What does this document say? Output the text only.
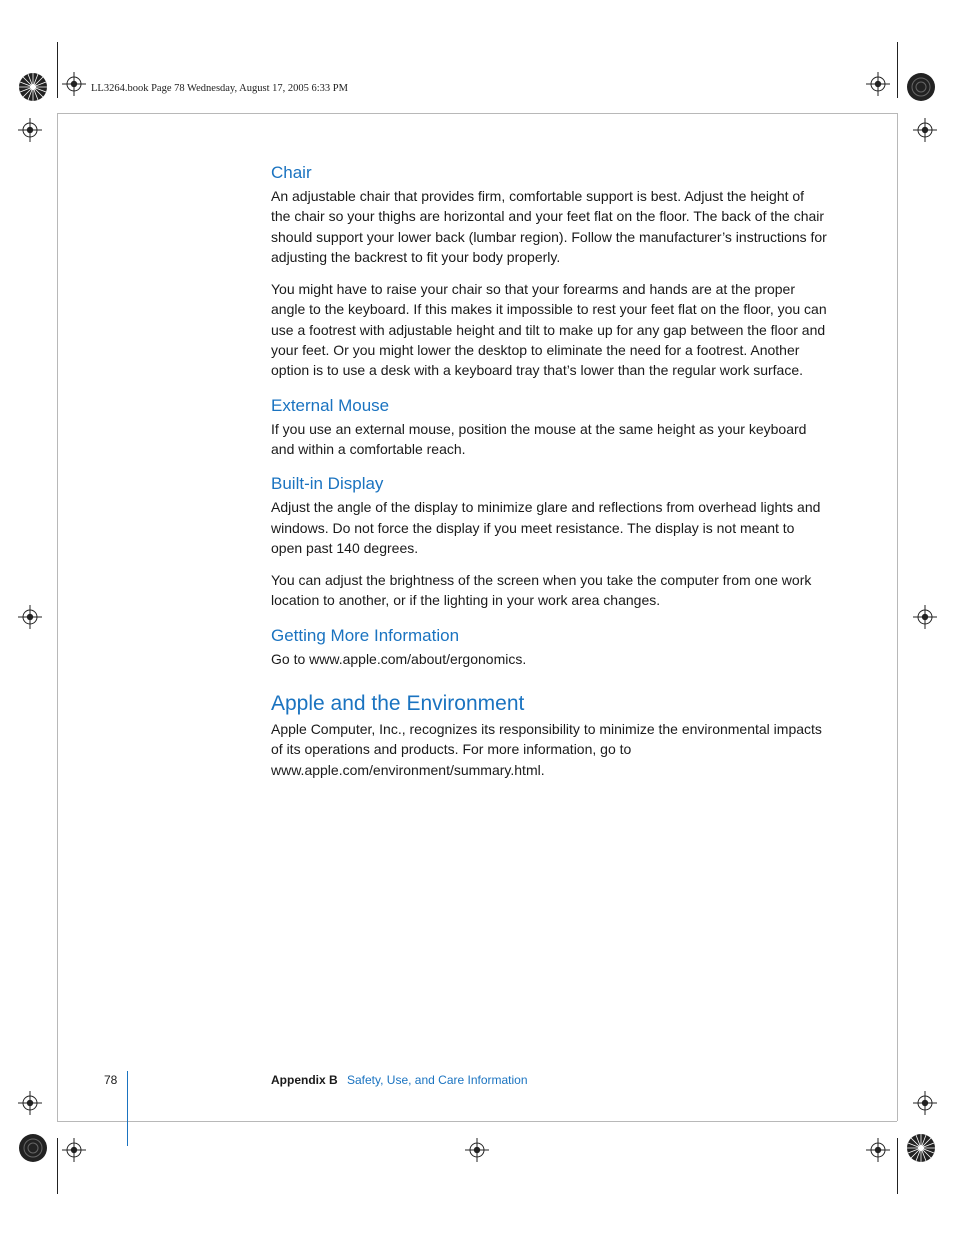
LL3264.book Page 78 Wednesday, August 17, 2005 6:33 PM
Chair

An adjustable chair that provides firm, comfortable support is best. Adjust the height of the chair so your thighs are horizontal and your feet flat on the floor. The back of the chair should support your lower back (lumbar region). Follow the manufacturer’s instructions for adjusting the backrest to fit your body properly.

You might have to raise your chair so that your forearms and hands are at the proper angle to the keyboard. If this makes it impossible to rest your feet flat on the floor, you can use a footrest with adjustable height and tilt to make up for any gap between the floor and your feet. Or you might lower the desktop to eliminate the need for a footrest. Another option is to use a desk with a keyboard tray that’s lower than the regular work surface.

External Mouse

If you use an external mouse, position the mouse at the same height as your keyboard and within a comfortable reach.

Built-in Display

Adjust the angle of the display to minimize glare and reflections from overhead lights and windows. Do not force the display if you meet resistance. The display is not meant to open past 140 degrees.

You can adjust the brightness of the screen when you take the computer from one work location to another, or if the lighting in your work area changes.

Getting More Information

Go to www.apple.com/about/ergonomics.

Apple and the Environment

Apple Computer, Inc., recognizes its responsibility to minimize the environmental impacts of its operations and products. For more information, go to www.apple.com/environment/summary.html.

78	Appendix B Safety, Use, and Care Information
